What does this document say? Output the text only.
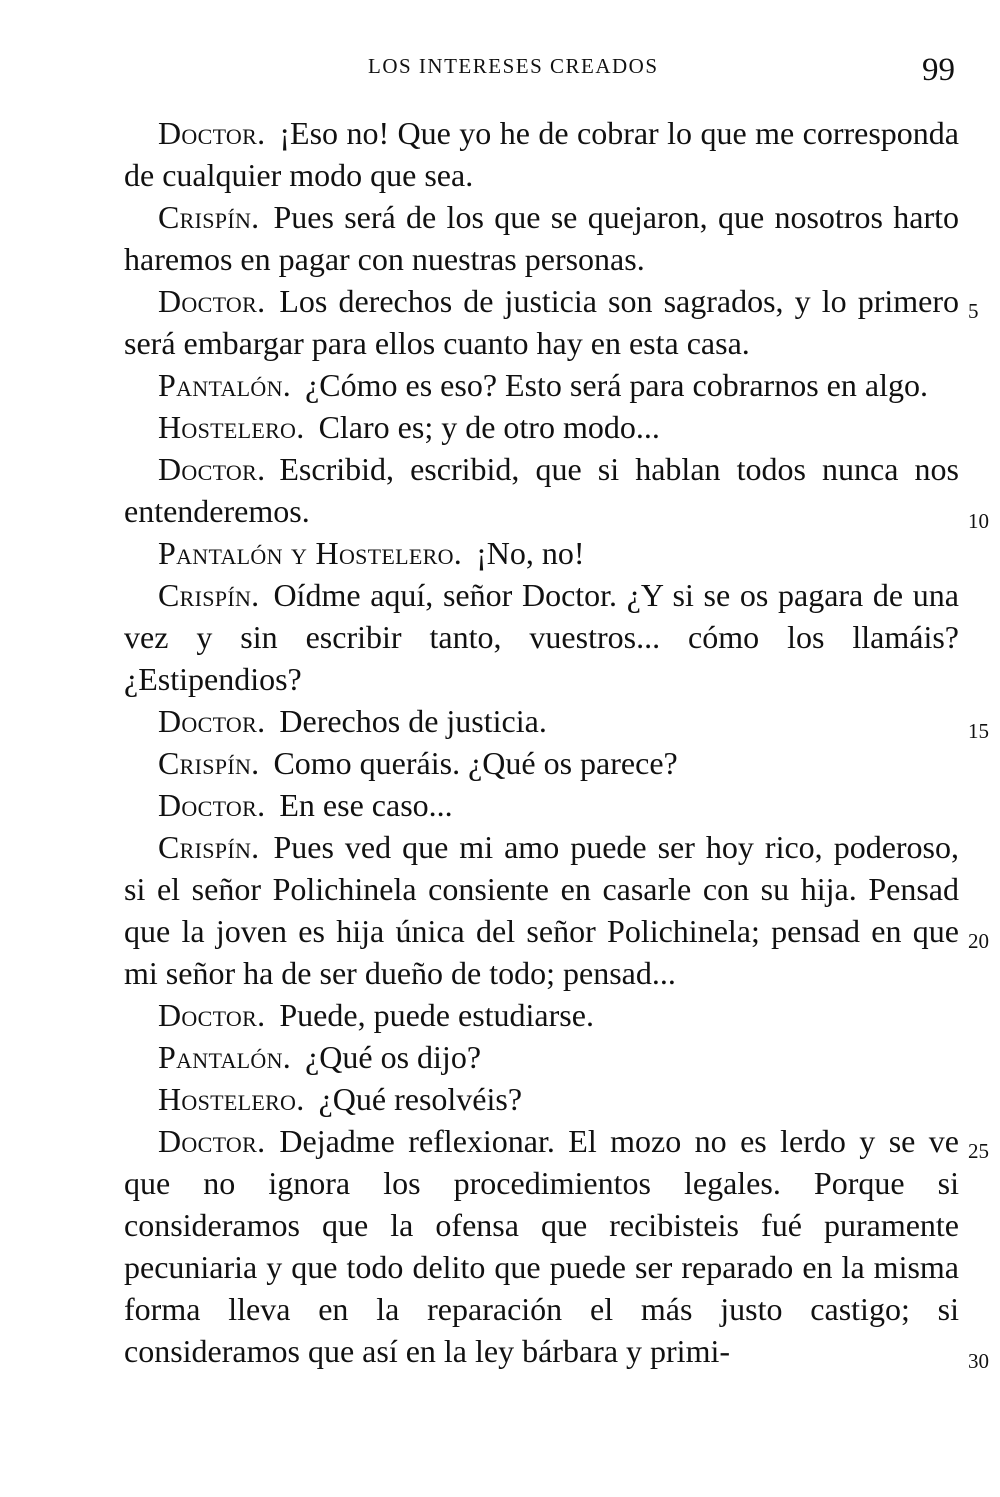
LOS INTERESES CREADOS	99

Doctor. ¡Eso no! Que yo he de cobrar lo que me corresponda de cualquier modo que sea.

Crispín. Pues será de los que se quejaron, que nosotros harto haremos en pagar con nuestras personas.

Doctor. Los derechos de justicia son sagrados, y lo primero será embargar para ellos cuanto hay en esta casa.

Pantalón. ¿Cómo es eso? Esto será para cobrarnos en algo.

Hostelero. Claro es; y de otro modo...

Doctor. Escribid, escribid, que si hablan todos nunca nos entenderemos.

Pantalón y Hostelero. ¡No, no!

Crispín. Oídme aquí, señor Doctor. ¿Y si se os pagara de una vez y sin escribir tanto, vuestros... cómo los llamáis? ¿Estipendios?

Doctor. Derechos de justicia.

Crispín. Como queráis. ¿Qué os parece?

Doctor. En ese caso...

Crispín. Pues ved que mi amo puede ser hoy rico, poderoso, si el señor Polichinela consiente en casarle con su hija. Pensad que la joven es hija única del señor Polichinela; pensad en que mi señor ha de ser dueño de todo; pensad...

Doctor. Puede, puede estudiarse.

Pantalón. ¿Qué os dijo?

Hostelero. ¿Qué resolvéis?

Doctor. Dejadme reflexionar. El mozo no es lerdo y se ve que no ignora los procedimientos legales. Porque si consideramos que la ofensa que recibisteis fué puramente pecuniaria y que todo delito que puede ser reparado en la misma forma lleva en la reparación el más justo castigo; si consideramos que así en la ley bárbara y primi-

5
10
15
20
25
30
